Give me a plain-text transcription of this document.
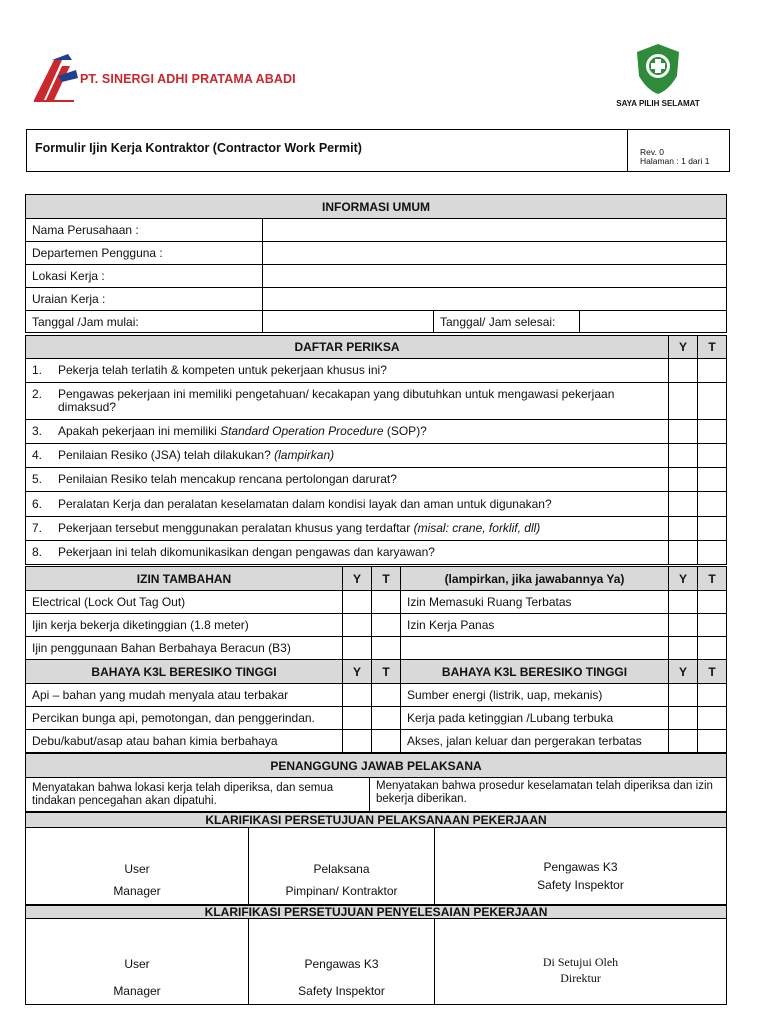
PT. SINERGI ADHI PRATAMA ABADI
SAYA PILIH SELAMAT
Formulir Ijin Kerja Kontraktor (Contractor Work Permit)	Rev. 0
Halaman : 1 dari 1
INFORMASI UMUM			
Nama Perusahaan :			
Departemen Pengguna :			
Lokasi Kerja :			
Uraian Kerja :			
Tanggal /Jam mulai:		Tanggal/ Jam selesai:	
DAFTAR PERIKSA	Y	T

1. Pekerja telah terlatih & kompeten untuk pekerjaan khusus ini?		

2. Pengawas pekerjaan ini memiliki pengetahuan/ kecakapan yang dibutuhkan untuk mengawasi pekerjaan dimaksud?		

3. Apakah pekerjaan ini memiliki Standard Operation Procedure (SOP)?		

4. Penilaian Resiko (JSA) telah dilakukan? (lampirkan)		

5. Penilaian Resiko telah mencakup rencana pertolongan darurat?		

6. Peralatan Kerja dan peralatan keselamatan dalam kondisi layak dan aman untuk digunakan?		

7. Pekerjaan tersebut menggunakan peralatan khusus yang terdaftar (misal: crane, forklif, dll)		

8. Pekerjaan ini telah dikomunikasikan dengan pengawas dan karyawan?		

IZIN TAMBAHAN	Y	T	(lampirkan, jika jawabannya Ya)	Y	T
Electrical (Lock Out Tag Out)			Izin Memasuki Ruang Terbatas		
Ijin kerja bekerja diketinggian (1.8 meter)			Izin Kerja Panas		
Ijin penggunaan Bahan Berbahaya Beracun (B3)					
BAHAYA K3L BERESIKO TINGGI	Y	T	BAHAYA K3L BERESIKO TINGGI	Y	T
Api – bahan yang mudah menyala atau terbakar			Sumber energi (listrik, uap, mekanis)		
Percikan bunga api, pemotongan, dan penggerindan.			Kerja pada ketinggian /Lubang terbuka		
Debu/kabut/asap atau bahan kimia berbahaya			Akses, jalan keluar dan pergerakan terbatas		
PENANGGUNG JAWAB PELAKSANA
Menyatakan bahwa lokasi kerja telah diperiksa, dan semua tindakan pencegahan akan dipatuhi.	Menyatakan bahwa prosedur keselamatan telah diperiksa dan izin bekerja diberikan.
KLARIFIKASI PERSETUJUAN PELAKSANAAN PEKERJAAN

User
Manager

Pelaksana
Pimpinan/ Kontraktor

Pengawas K3
Safety Inspektor
KLARIFIKASI PERSETUJUAN PENYELESAIAN PEKERJAAN

User
Manager

Pengawas K3
Safety Inspektor

Di Setujui Oleh
Direktur
